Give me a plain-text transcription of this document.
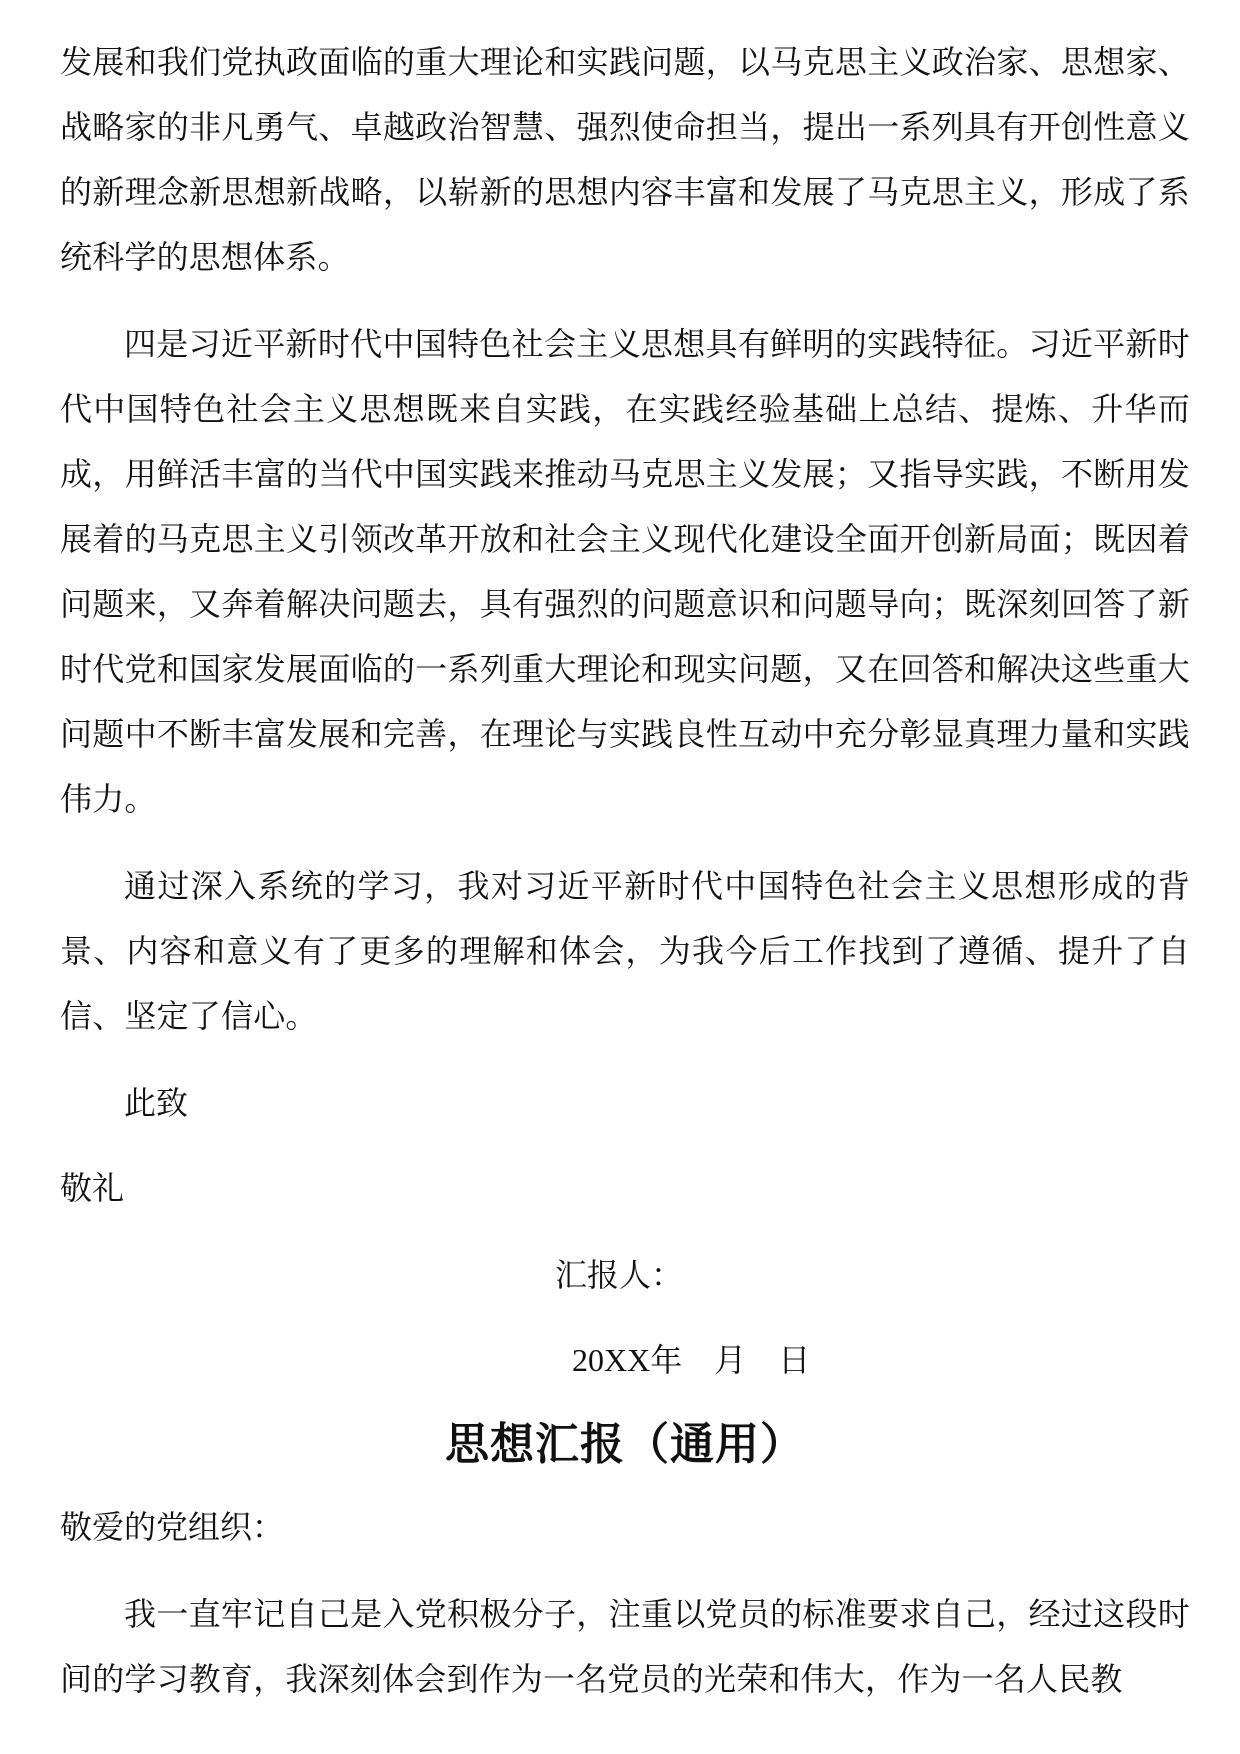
发展和我们党执政面临的重大理论和实践问题，以马克思主义政治家、思想家、战略家的非凡勇气、卓越政治智慧、强烈使命担当，提出一系列具有开创性意义的新理念新思想新战略，以崭新的思想内容丰富和发展了马克思主义，形成了系统科学的思想体系。

四是习近平新时代中国特色社会主义思想具有鲜明的实践特征。习近平新时代中国特色社会主义思想既来自实践，在实践经验基础上总结、提炼、升华而成，用鲜活丰富的当代中国实践来推动马克思主义发展；又指导实践，不断用发展着的马克思主义引领改革开放和社会主义现代化建设全面开创新局面；既因着问题来，又奔着解决问题去，具有强烈的问题意识和问题导向；既深刻回答了新时代党和国家发展面临的一系列重大理论和现实问题，又在回答和解决这些重大问题中不断丰富发展和完善，在理论与实践良性互动中充分彰显真理力量和实践伟力。

通过深入系统的学习，我对习近平新时代中国特色社会主义思想形成的背景、内容和意义有了更多的理解和体会，为我今后工作找到了遵循、提升了自信、坚定了信心。

此致

敬礼

汇报人：

20XX年  月  日

思想汇报（通用）

敬爱的党组织：

我一直牢记自己是入党积极分子，注重以党员的标准要求自己，经过这段时间的学习教育，我深刻体会到作为一名党员的光荣和伟大，作为一名人民教
